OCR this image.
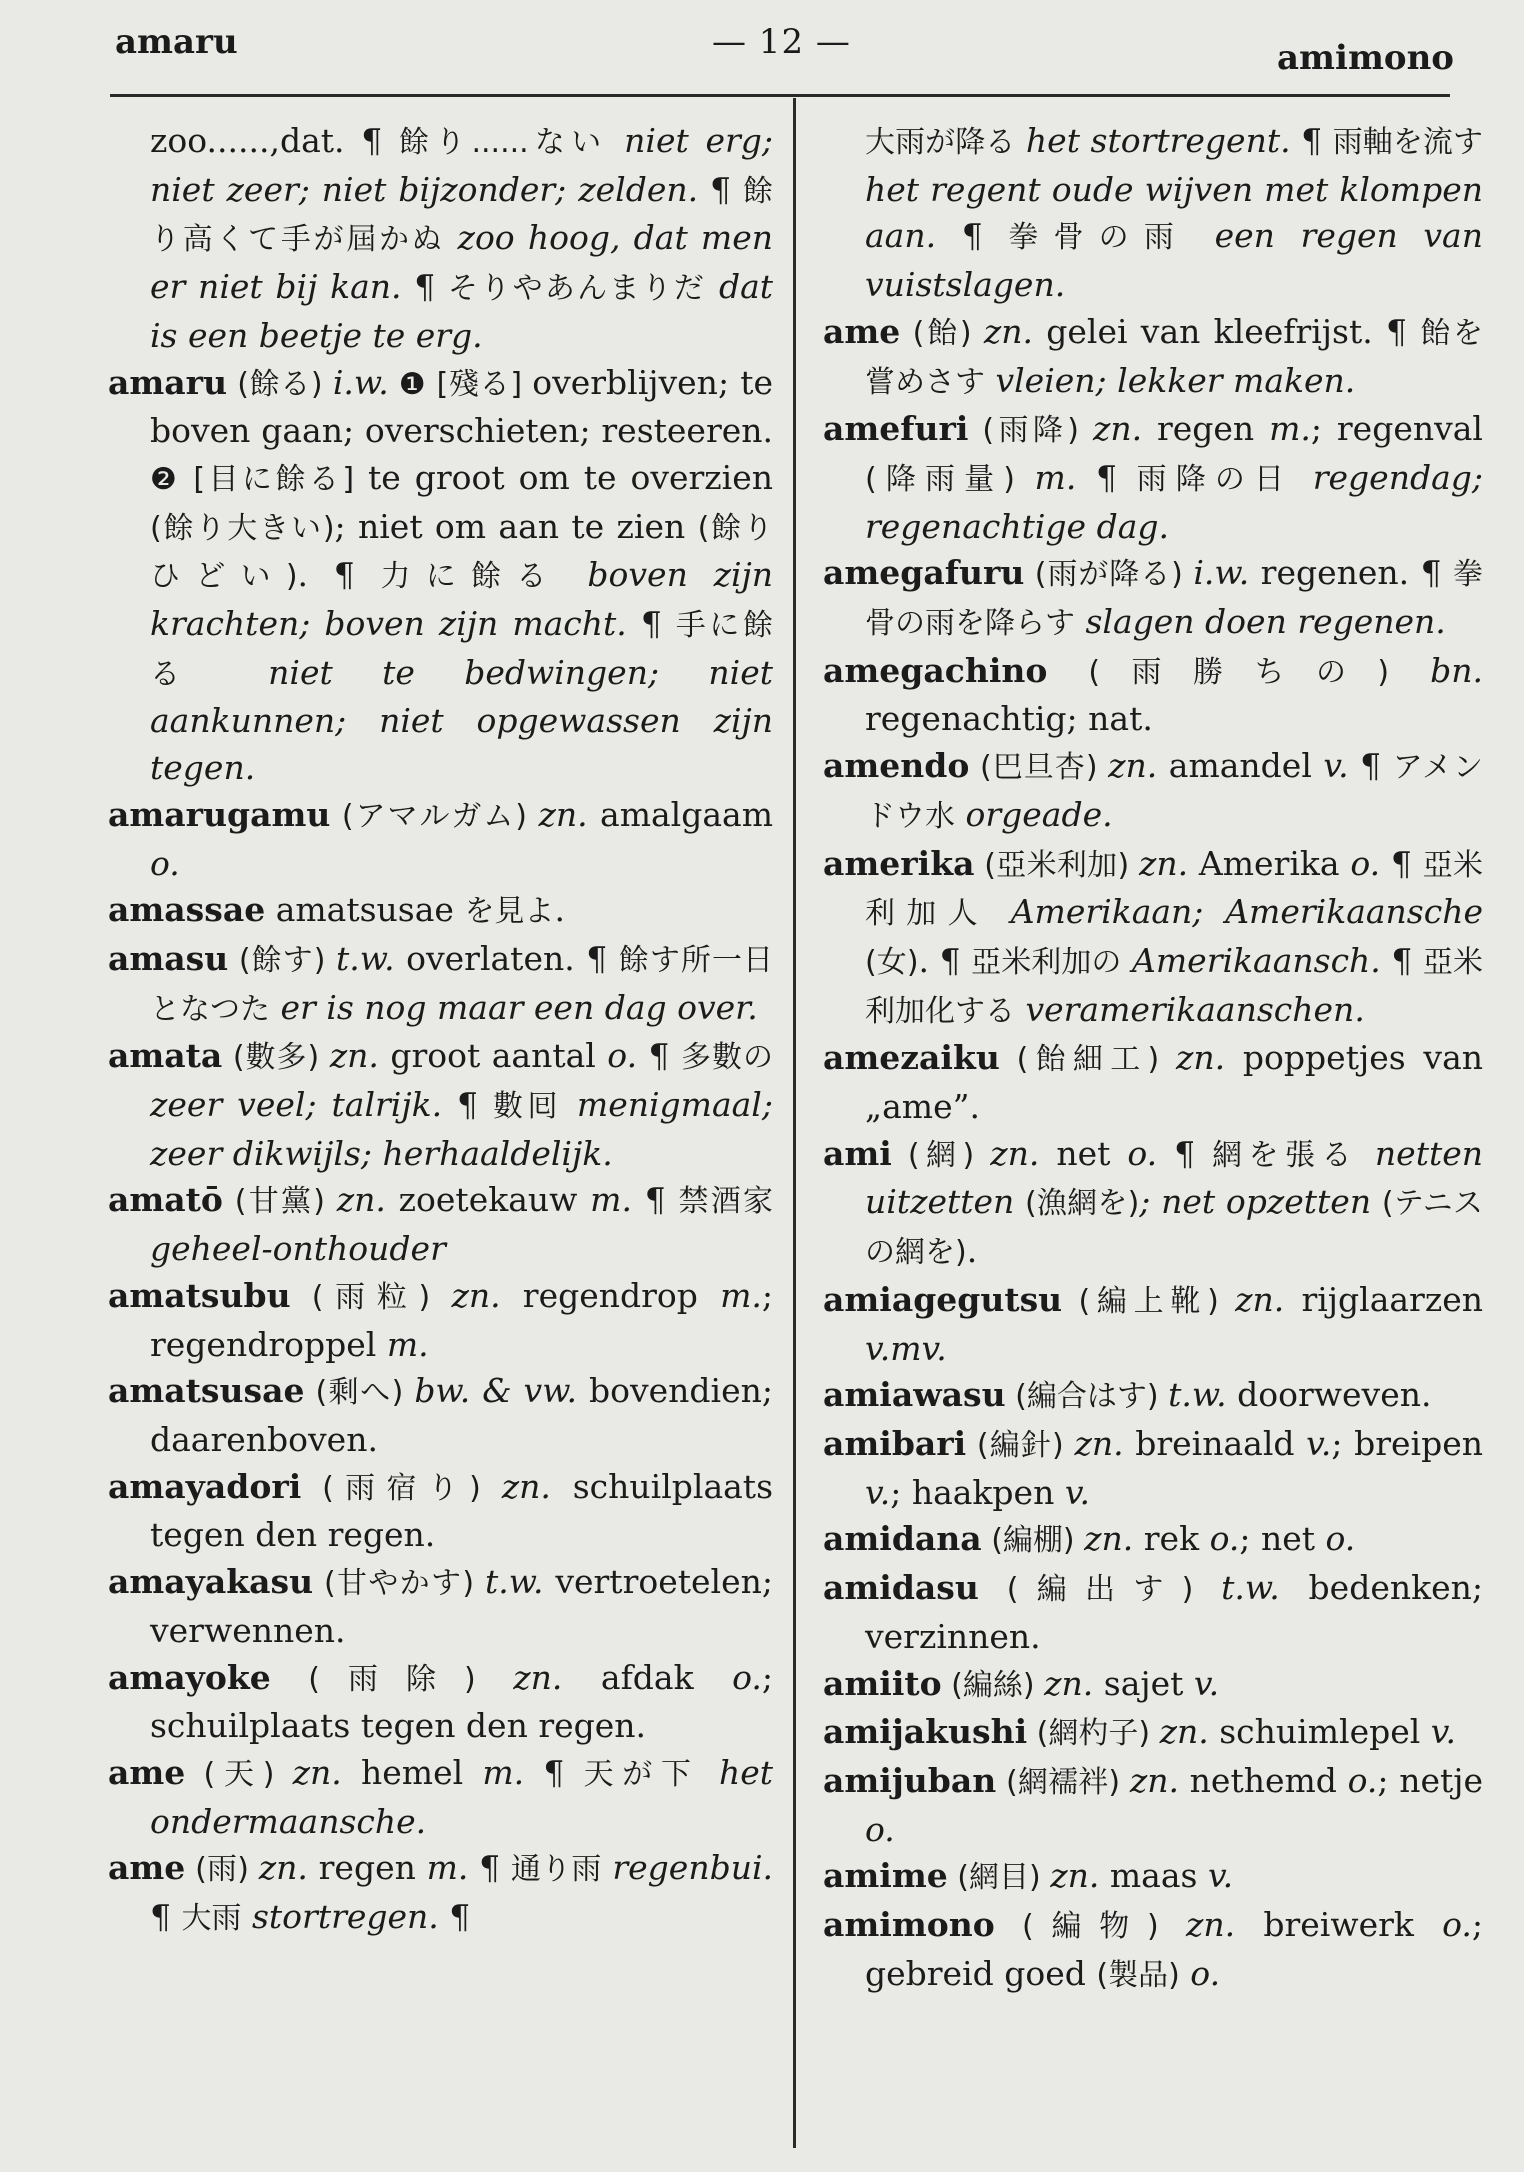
amaru	— 12 —	amimono

zoo......,dat. ¶ 餘り......ない niet erg; niet zeer; niet bijzonder; zelden. ¶ 餘り高くて手が屆かぬ zoo hoog, dat men er niet bij kan. ¶ そりやあんまりだ dat is een beetje te erg.

amaru (餘る) i.w. ❶ [殘る] overblijven; te boven gaan; overschieten; resteeren. ❷ [目に餘る] te groot om te overzien (餘り大きい); niet om aan te zien (餘りひどい). ¶ 力に餘る boven zijn krachten; boven zijn macht. ¶ 手に餘る niet te bedwingen; niet aankunnen; niet opgewassen zijn tegen.

amarugamu (アマルガム) zn. amalgaam o.

amassae amatsusae を見よ.

amasu (餘す) t.w. overlaten. ¶ 餘す所一日となつた er is nog maar een dag over.

amata (數多) zn. groot aantal o. ¶ 多數の zeer veel; talrijk. ¶ 數囘 menigmaal; zeer dikwijls; herhaaldelijk.

amatō (甘黨) zn. zoetekauw m. ¶ 禁酒家 geheel-onthouder

amatsubu (雨粒) zn. regendrop m.; regendroppel m.

amatsusae (剩へ) bw. & vw. bovendien; daarenboven.

amayadori (雨宿り) zn. schuilplaats tegen den regen.

amayakasu (甘やかす) t.w. vertroetelen; verwennen.

amayoke (雨除) zn. afdak o.; schuilplaats tegen den regen.

ame (天) zn. hemel m. ¶ 天が下 het ondermaansche.

ame (雨) zn. regen m. ¶ 通り雨 regenbui. ¶ 大雨 stortregen. ¶

大雨が降る het stortregent. ¶ 雨軸を流す het regent oude wijven met klompen aan. ¶ 拳骨の雨 een regen van vuistslagen.

ame (飴) zn. gelei van kleefrijst. ¶ 飴を嘗めさす vleien; lekker maken.

amefuri (雨降) zn. regen m.; regenval (降雨量) m. ¶ 雨降の日 regendag; regenachtige dag.

amegafuru (雨が降る) i.w. regenen. ¶ 拳骨の雨を降らす slagen doen regenen.

amegachino (雨勝ちの) bn. regenachtig; nat.

amendo (巴旦杏) zn. amandel v. ¶ アメンドウ水 orgeade.

amerika (亞米利加) zn. Amerika o. ¶ 亞米利加人 Amerikaan; Amerikaansche (女). ¶ 亞米利加の Amerikaansch. ¶ 亞米利加化する veramerikaanschen.

amezaiku (飴細工) zn. poppetjes van „ame”.

ami (網) zn. net o. ¶ 網を張る netten uitzetten (漁網を); net opzetten (テニスの網を).

amiagegutsu (編上靴) zn. rijglaarzen v.mv.

amiawasu (編合はす) t.w. doorweven.

amibari (編針) zn. breinaald v.; breipen v.; haakpen v.

amidana (編棚) zn. rek o.; net o.

amidasu (編出す) t.w. bedenken; verzinnen.

amiito (編絲) zn. sajet v.

amijakushi (網杓子) zn. schuimlepel v.

amijuban (網襦袢) zn. nethemd o.; netje o.

amime (網目) zn. maas v.

amimono (編物) zn. breiwerk o.; gebreid goed (製品) o.
